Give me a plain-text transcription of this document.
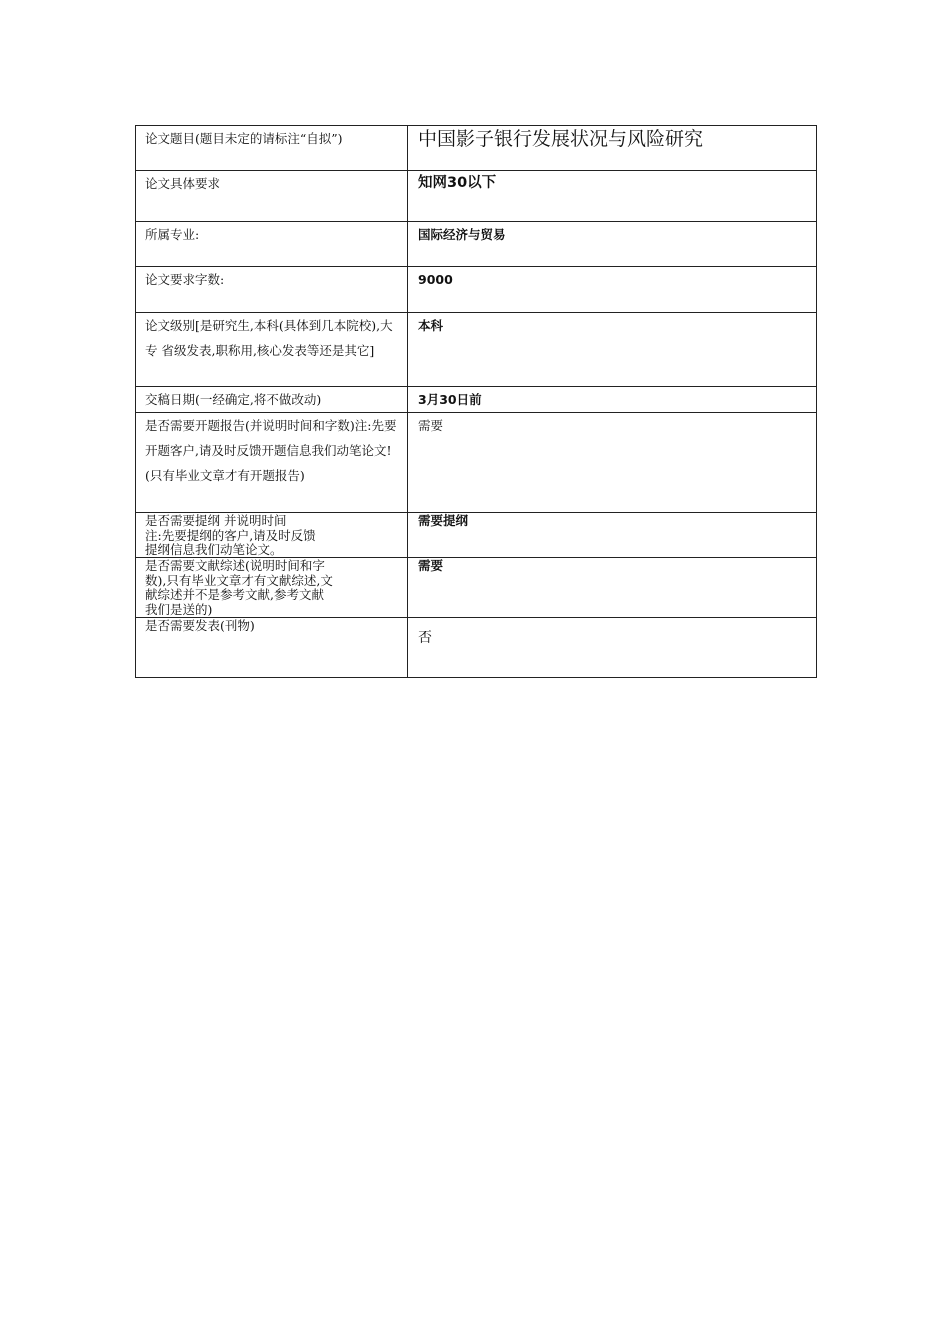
论文题目(题目未定的请标注“自拟”)	中国影子银行发展状况与风险研究

论文具体要求	知网30以下

所属专业:	国际经济与贸易

论文要求字数:	9000

论文级别[是研究生,本科(具体到几本院校),大专 省级发表,职称用,核心发表等还是其它]	本科

交稿日期(一经确定,将不做改动)	3月30日前

是否需要开题报告(并说明时间和字数)注:先要开题客户,请及时反馈开题信息我们动笔论文!(只有毕业文章才有开题报告)	需要

是否需要提纲 并说明时间
注:先要提纲的客户,请及时反馈
提纲信息我们动笔论文。	需要提纲

是否需要文献综述(说明时间和字
数),只有毕业文章才有文献综述,文
献综述并不是参考文献,参考文献
我们是送的)	需要

是否需要发表(刊物)	否
